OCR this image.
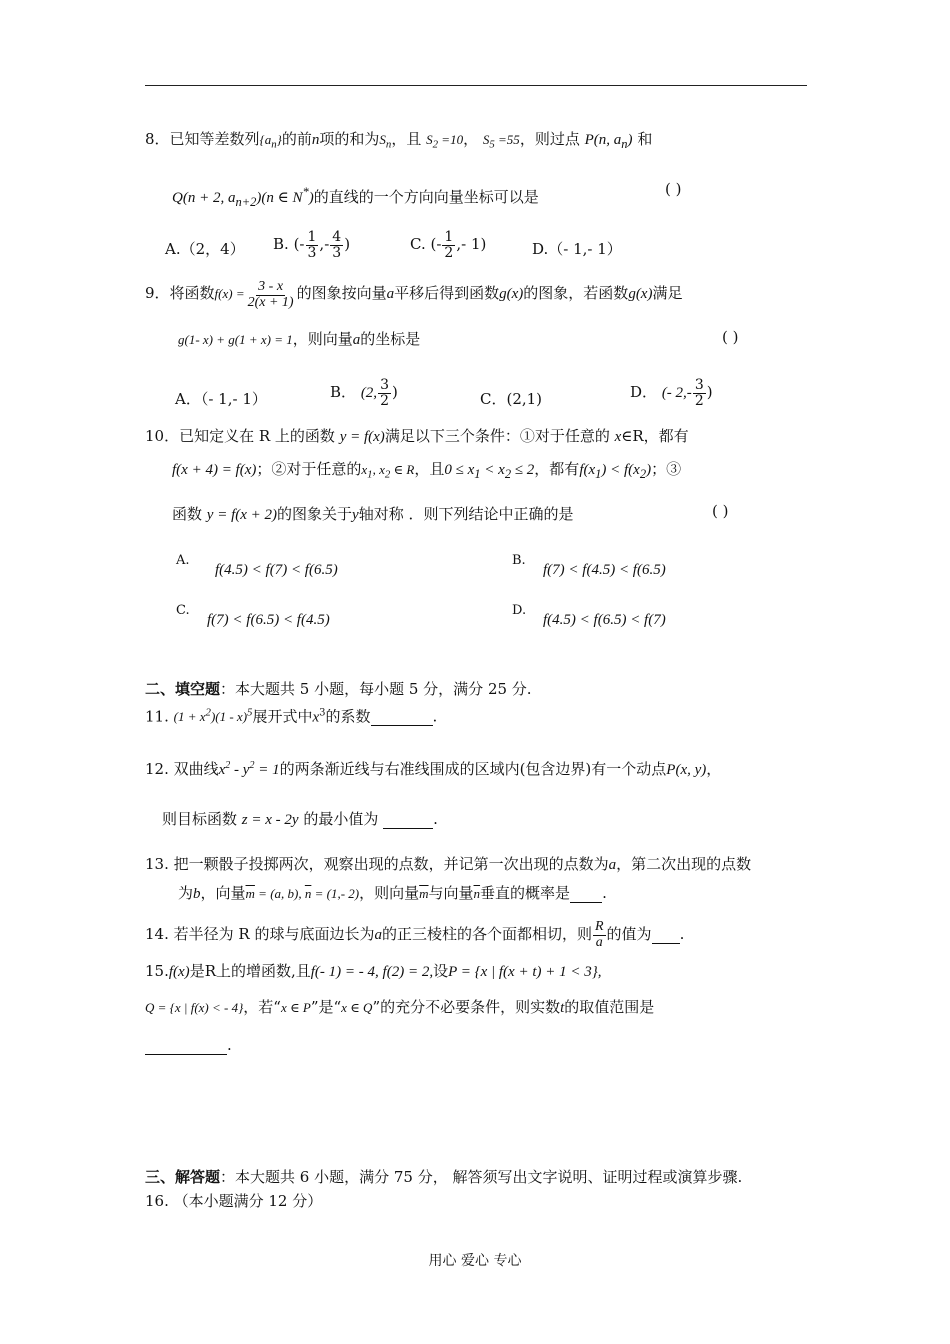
8．已知等差数列$\{a_n\}$的前n项的和为$S_n$，且 $S_2 =10$， $S_5 =55$，则过点 P(n, $a_n$) 和
Q(n + 2, $a_{n+2})(n$ ∈ N*)的直线的一个方向向量坐标可以是	( )
A.（2，4） B. (- $\frac{1}{3}$ ,- $\frac{4}{3}$ )	C. (- $\frac{1}{2}$ ,- 1)	D.（- 1,- 1）
9．将函数$f(x) = \frac{3 - x}{2(x + 1)}$ 的图象按向量a平移后得到函数g(x)的图象，若函数g(x)满足
g(1- x) + g(1 + x) = 1，则向量a的坐标是	( )
A．（- 1,- 1）	B． (2, $\frac{3}{2}$ )	C．(2,1)	D． (- $2,- \frac{3}{2}$ )
10．已知定义在 R 上的函数 y = f(x)满足以下三个条件：①对于任意的 x∈R，都有
f(x + 4) = f(x)；②对于任意的$x_1$, $x_2$ ∈ R，且$0 \le x_1 < x_2 \le 2$，都有$f(x_1) < f(x_2)$；③
函数 y = f(x + 2)的图象关于y轴对称 ．则下列结论中正确的是	( )
A.
f(4.5) < f(7) < f(6.5)
B.
f(7) < f(4.5) < f(6.5)
C.
f(7) < f(6.5) < f(4.5)
D.
f(4.5) < f(6.5) < f(7)
二、填空题：本大题共 5 小题，每小题 5 分，满分 25 分.
11. $(1 + x^2)(1 - x)^5$展开式中$x^3$的系数	.
12. 双曲线$x^2 - y^2 = 1$的两条渐近线与右准线围成的区域内(包含边界)有一个动点P(x, y)，
则目标函数 z = x - 2y 的最小值为	.
13. 把一颗骰子投掷两次，观察出现的点数，并记第一次出现的点数为a，第二次出现的点数
为b，向量$\overline{m} = (a$, b), $\overline{n} = (1,-$ 2)，则向量$\overline{m}$与向量$\overline{n}$垂直的概率是 .
14. 若半径为 R 的球与底面边长为a的正三棱柱的各个面都相切，则 $\frac{R}{a}$ 的值为 .
15.f(x)是R上的增函数,且f(- 1) = - 4, f(2) = 2,设P = {x | f(x + t) + 1 < 3},
Q = {x | f(x) < - 4}，若“x ∈ P”是“x ∈ Q”的充分不必要条件，则实数t的取值范围是
.
三、解答题：本大题共 6 小题，满分 75 分， 解答须写出文字说明、证明过程或演算步骤.
16. （本小题满分 12 分）
用心 爱心 专心
